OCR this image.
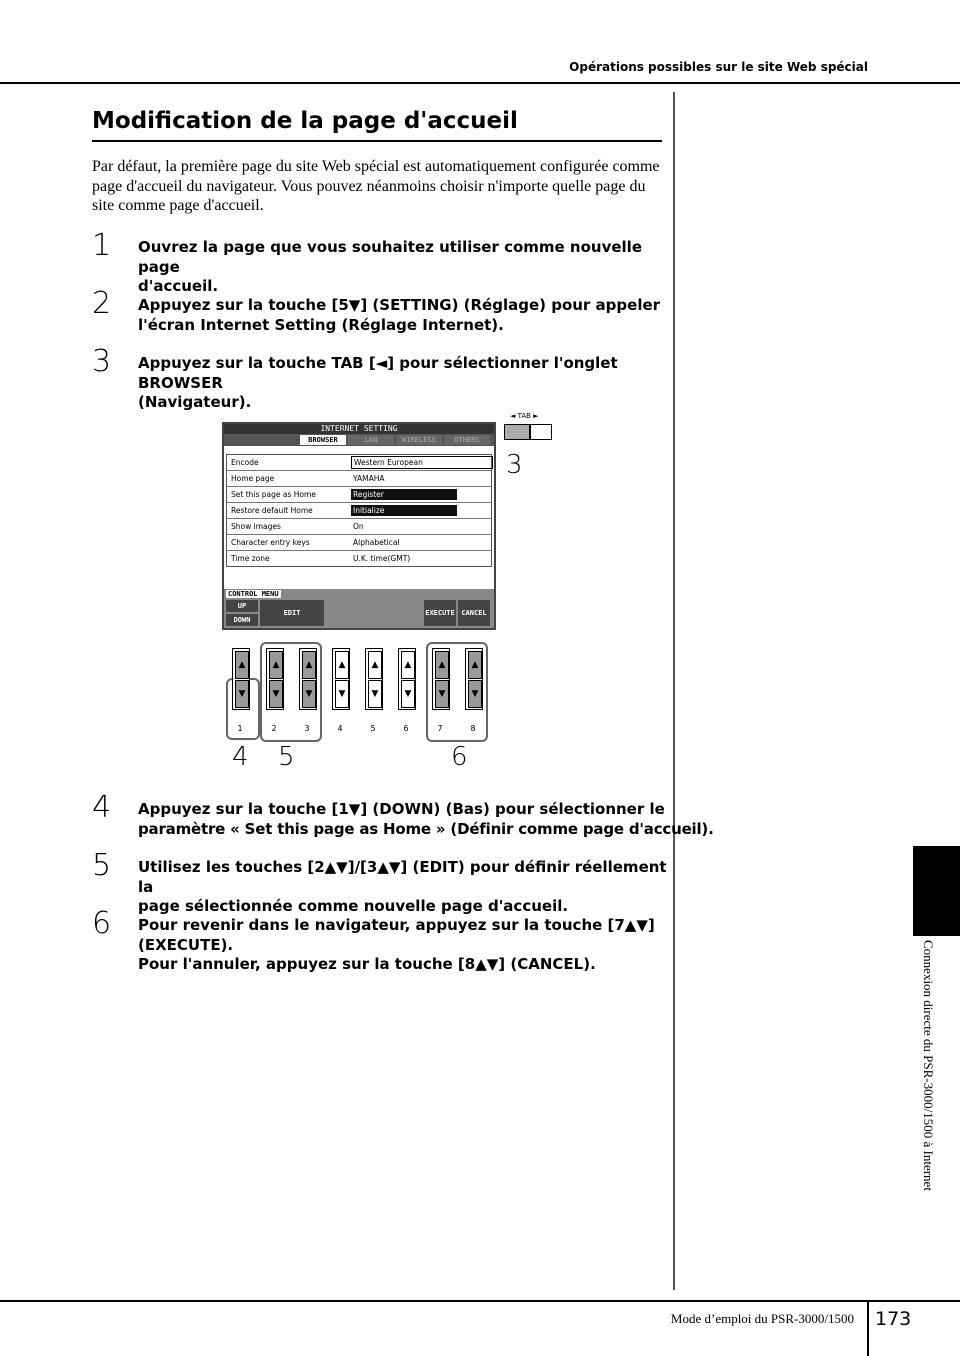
Opérations possibles sur le site Web spécial
Modification de la page d'accueil
Par défaut, la première page du site Web spécial est automatiquement configurée comme page d'accueil du navigateur. Vous pouvez néanmoins choisir n'importe quelle page du site comme page d'accueil.
1 Ouvrez la page que vous souhaitez utiliser comme nouvelle page
d'accueil.
2 Appuyez sur la touche [5▼] (SETTING) (Réglage) pour appeler
l'écran Internet Setting (Réglage Internet).
3 Appuyez sur la touche TAB [◄] pour sélectionner l'onglet BROWSER
(Navigateur).
INTERNET SETTING
BROWSER	LAN	WIRELESS	OTHERS
Encode	Western European
Home page	YAMAHA
Set this page as Home	Register
Restore default Home	Initialize
Show images	On
Character entry keys	Alphabetical
Time zone	U.K. time(GMT)
CONTROL MENU
UP
DOWN
EDIT	EXECUTE CANCEL
◄ TAB ►
3
▲
▼
▲
▼
▲
▼
▲
▼
▲
▼
▲
▼
▲
▼
▲
▼
1	2	3	4	5	6	7	8
4 5	6
4 Appuyez sur la touche [1▼] (DOWN) (Bas) pour sélectionner le
paramètre « Set this page as Home » (Définir comme page d'accueil).
5 Utilisez les touches [2▲▼]/[3▲▼] (EDIT) pour définir réellement la
page sélectionnée comme nouvelle page d'accueil.
6 Pour revenir dans le navigateur, appuyez sur la touche [7▲▼]
(EXECUTE).
Pour l'annuler, appuyez sur la touche [8▲▼] (CANCEL).	Connexion directe du PSR-3000/1500 à Internet
Mode d’emploi du PSR-3000/1500 173
